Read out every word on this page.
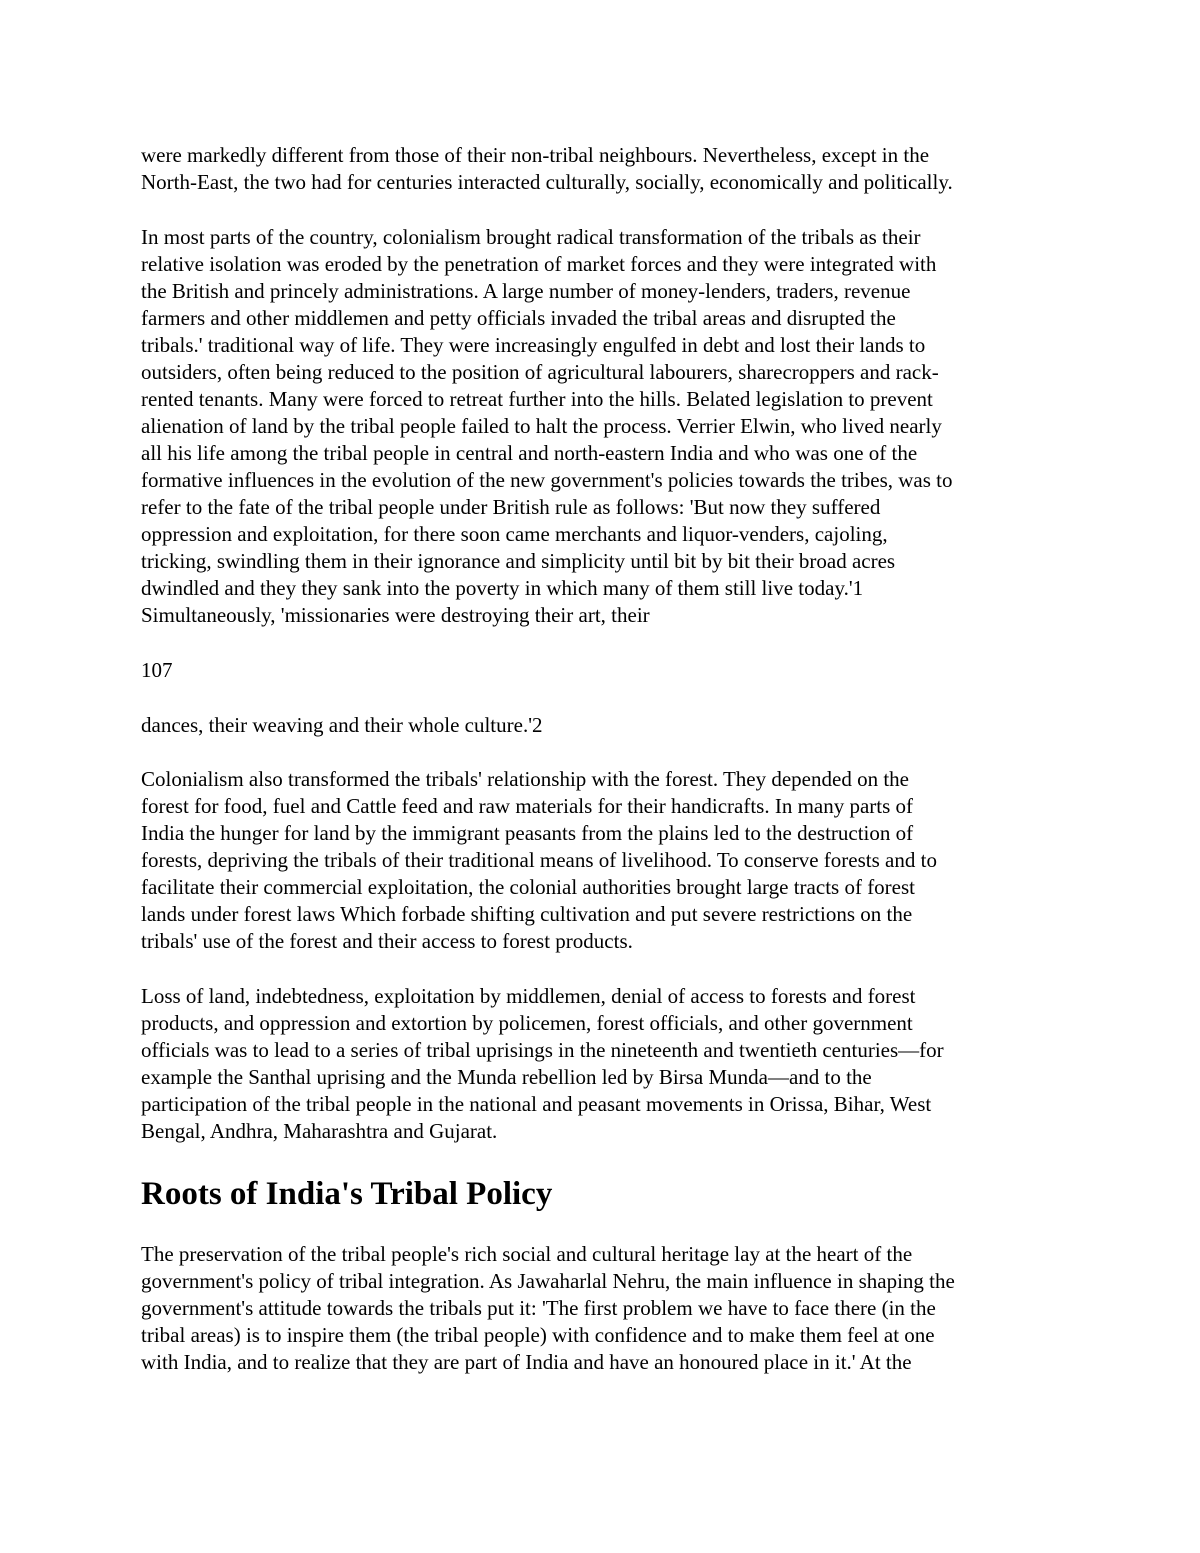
were markedly different from those of their non-tribal neighbours. Nevertheless, except in the
North-East, the two had for centuries interacted culturally, socially, economically and politically.

In most parts of the country, colonialism brought radical transformation of the tribals as their
relative isolation was eroded by the penetration of market forces and they were integrated with
the British and princely administrations. A large number of money-lenders, traders, revenue
farmers and other middlemen and petty officials invaded the tribal areas and disrupted the
tribals.' traditional way of life. They were increasingly engulfed in debt and lost their lands to
outsiders, often being reduced to the position of agricultural labourers, sharecroppers and rack-
rented tenants. Many were forced to retreat further into the hills. Belated legislation to prevent
alienation of land by the tribal people failed to halt the process. Verrier Elwin, who lived nearly
all his life among the tribal people in central and north-eastern India and who was one of the
formative influences in the evolution of the new government's policies towards the tribes, was to
refer to the fate of the tribal people under British rule as follows: 'But now they suffered
oppression and exploitation, for there soon came merchants and liquor-venders, cajoling,
tricking, swindling them in their ignorance and simplicity until bit by bit their broad acres
dwindled and they they sank into the poverty in which many of them still live today.'1
Simultaneously, 'missionaries were destroying their art, their

107

dances, their weaving and their whole culture.'2

Colonialism also transformed the tribals' relationship with the forest. They depended on the
forest for food, fuel and Cattle feed and raw materials for their handicrafts. In many parts of
India the hunger for land by the immigrant peasants from the plains led to the destruction of
forests, depriving the tribals of their traditional means of livelihood. To conserve forests and to
facilitate their commercial exploitation, the colonial authorities brought large tracts of forest
lands under forest laws Which forbade shifting cultivation and put severe restrictions on the
tribals' use of the forest and their access to forest products.

Loss of land, indebtedness, exploitation by middlemen, denial of access to forests and forest
products, and oppression and extortion by policemen, forest officials, and other government
officials was to lead to a series of tribal uprisings in the nineteenth and twentieth centuries—for
example the Santhal uprising and the Munda rebellion led by Birsa Munda—and to the
participation of the tribal people in the national and peasant movements in Orissa, Bihar, West
Bengal, Andhra, Maharashtra and Gujarat.

Roots of India's Tribal Policy

The preservation of the tribal people's rich social and cultural heritage lay at the heart of the
government's policy of tribal integration. As Jawaharlal Nehru, the main influence in shaping the
government's attitude towards the tribals put it: 'The first problem we have to face there (in the
tribal areas) is to inspire them (the tribal people) with confidence and to make them feel at one
with India, and to realize that they are part of India and have an honoured place in it.' At the
